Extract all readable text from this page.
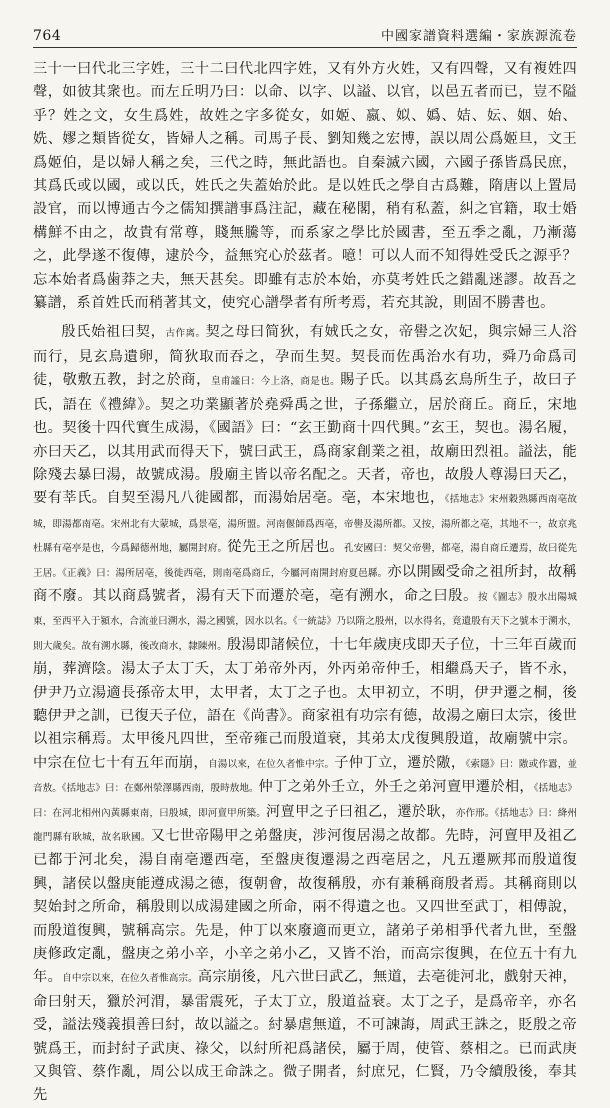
764	中國家譜資料選編・家族源流卷

三十一曰代北三字姓，三十二曰代北四字姓，又有外方火姓，又有四聲，又有複姓四聲，如彼其衆也。而左丘明乃曰：以命、以字、以謚、以官，以邑五者而已，豈不隘乎？姓之文，女生爲姓，故姓之字多從女，如姬、嬴、姒、嬀、姞、妘、姻、始、姺、嫪之類皆從女，皆婦人之稱。司馬子長、劉知幾之宏博，誤以周公爲姬旦，文王爲姬伯，是以婦人稱之矣，三代之時，無此語也。自秦滅六國，六國子孫皆爲民庶，其爲氏或以國，或以氏，姓氏之失蓋始於此。是以姓氏之學自古爲難，隋唐以上置局設官，而以博通古今之儒知撰譜事爲注記，藏在秘閣，稍有私蓋，糾之官籍，取士婚構鮮不由之，故貴有常尊，賤無騰等，而系家之學比於國書，至五季之亂，乃漸蕩之，此學遂不復傳，逮於今，益無究心於茲者。噫！可以人而不知得姓受氏之源乎？忘本始者爲歯莽之夫，無天甚矣。即雖有志於本始，亦莫考姓氏之錯亂迷謬。故吾之纂譜，系首姓氏而稍著其文，使究心譜學者有所考焉，若充其說，則固不勝書也。

殷氏始祖曰契，古作离。契之母曰简狄，有娀氏之女，帝嚳之次妃，與宗婦三人浴而行，見玄鳥遺卵，简狄取而吞之，孕而生契。契長而佐禹治水有功，舜乃命爲司徒，敬敷五教，封之於商，皇甫謐曰：今上洛，商是也。賜子氏。以其爲玄鳥所生子，故曰子氏，語在《禮緯》。契之功業顯著於堯舜禹之世，子孫繼立，居於商丘。商丘，宋地也。契後十四代實生成湯，《國語》曰：“玄王勤商十四代興。”玄王，契也。湯名履，亦曰天乙，以其用武而得天下，號曰武王，爲商家創業之祖，故廟田烈祖。謚法，能除殘去暴曰湯，故號成湯。殷廟主皆以帝名配之。天者，帝也，故殷人尊湯曰天乙，要有莘氏。自契至湯凡八徙國都，而湯始居亳。亳，本宋地也，《括地志》宋州穀熟縣西南亳故城，即湯都南亳。宋州北有大蒙城，爲景亳，湯所盟。河南偃師爲西亳，帝嚳及湯所都。又按，湯所都之亳，其地不一，故京兆杜縣有亳亭是也，今爲歸德州地，屬開封府。從先王之所居也。孔安國曰：契父帝嚳，都亳，湯自商丘遷焉，故曰從先王居。《正義》曰：湯所居亳，後徙西亳，則南亳爲商丘，今屬河南開封府夏邑縣。亦以開國受命之祖所封，故稱商不廢。其以商爲號者，湯有天下而遷於亳，亳有溯水，命之曰殷。按《圖志》殷水出陽城東，至西平入于潁水，合流並曰溯水，湯之國號，因水以名。《一統誌》乃以隋之殷州，以水得名，竟遺殷有天下之號本于溯水，則大歲矣。故有溯水縣，後改商水，隸陳州。殷湯即諸候位，十七年歲庚戌即天子位，十三年百歲而崩，葬濟陰。湯太子太丁夭，太丁弟帝外丙，外丙弟帝仲壬，相繼爲天子，皆不永，伊尹乃立湯適長孫帝太甲，太甲者，太丁之子也。太甲初立，不明，伊尹遷之桐，後聽伊尹之訓，已復天子位，語在《尚書》。商家祖有功宗有德，故湯之廟曰太宗，後世以祖宗稱焉。太甲後凡四世，至帝雍己而殷道衰，其弟太戊復興殷道，故廟號中宗。中宗在位七十有五年而崩，自湯以來，在位久者惟中宗。子仲丁立，遷於隞，《索隱》曰：隞或作囂，並音敖。《括地志》曰：在鄭州滎澤縣西南，殷時敖地。仲丁之弟外壬立，外壬之弟河亶甲遷於相，《括地志》曰：在河北相州內黃縣東南，曰殷城，即河亶甲所築。河亶甲之子曰祖乙，遷於耿，亦作邢。《括地志》曰：絳州龍門縣有耿城，故名耿國。又七世帝陽甲之弟盤庚，涉河復居湯之故都。先時，河亶甲及祖乙已都于河北矣，湯自南亳遷西亳，至盤庚復遷湯之西亳居之，凡五遷厥邦而殷道復興，諸侯以盤庚能遵成湯之德，復朝會，故復稱殷，亦有兼稱商殷者焉。其稱商則以契始封之所命，稱殷則以成湯建國之所命，兩不得遺之也。又四世至武丁，相傅說，而殷道復興，號稱高宗。先是，仲丁以來廢適而更立，諸弟子弟相爭代者九世，至盤庚修政定亂，盤庚之弟小辛，小辛之弟小乙，又皆不治，而高宗復興，在位五十有九年。自中宗以來，在位久者惟高宗。高宗崩後，凡六世曰武乙，無道，去亳徙河北，戲射天神，命曰射天，獵於河渭，暴雷震死，子太丁立，殷道益衰。太丁之子，是爲帝辛，亦名受，謚法殘義損善曰紂，故以謚之。紂暴虐無道，不可諫誨，周武王誅之，貶殷之帝號爲王，而封紂子武庚、祿父，以紂所祀爲諸侯，屬于周，使管、蔡相之。已而武庚又與管、蔡作亂，周公以成王命誅之。微子開者，紂庶兄，仁賢，乃令續殷後，奉其先
